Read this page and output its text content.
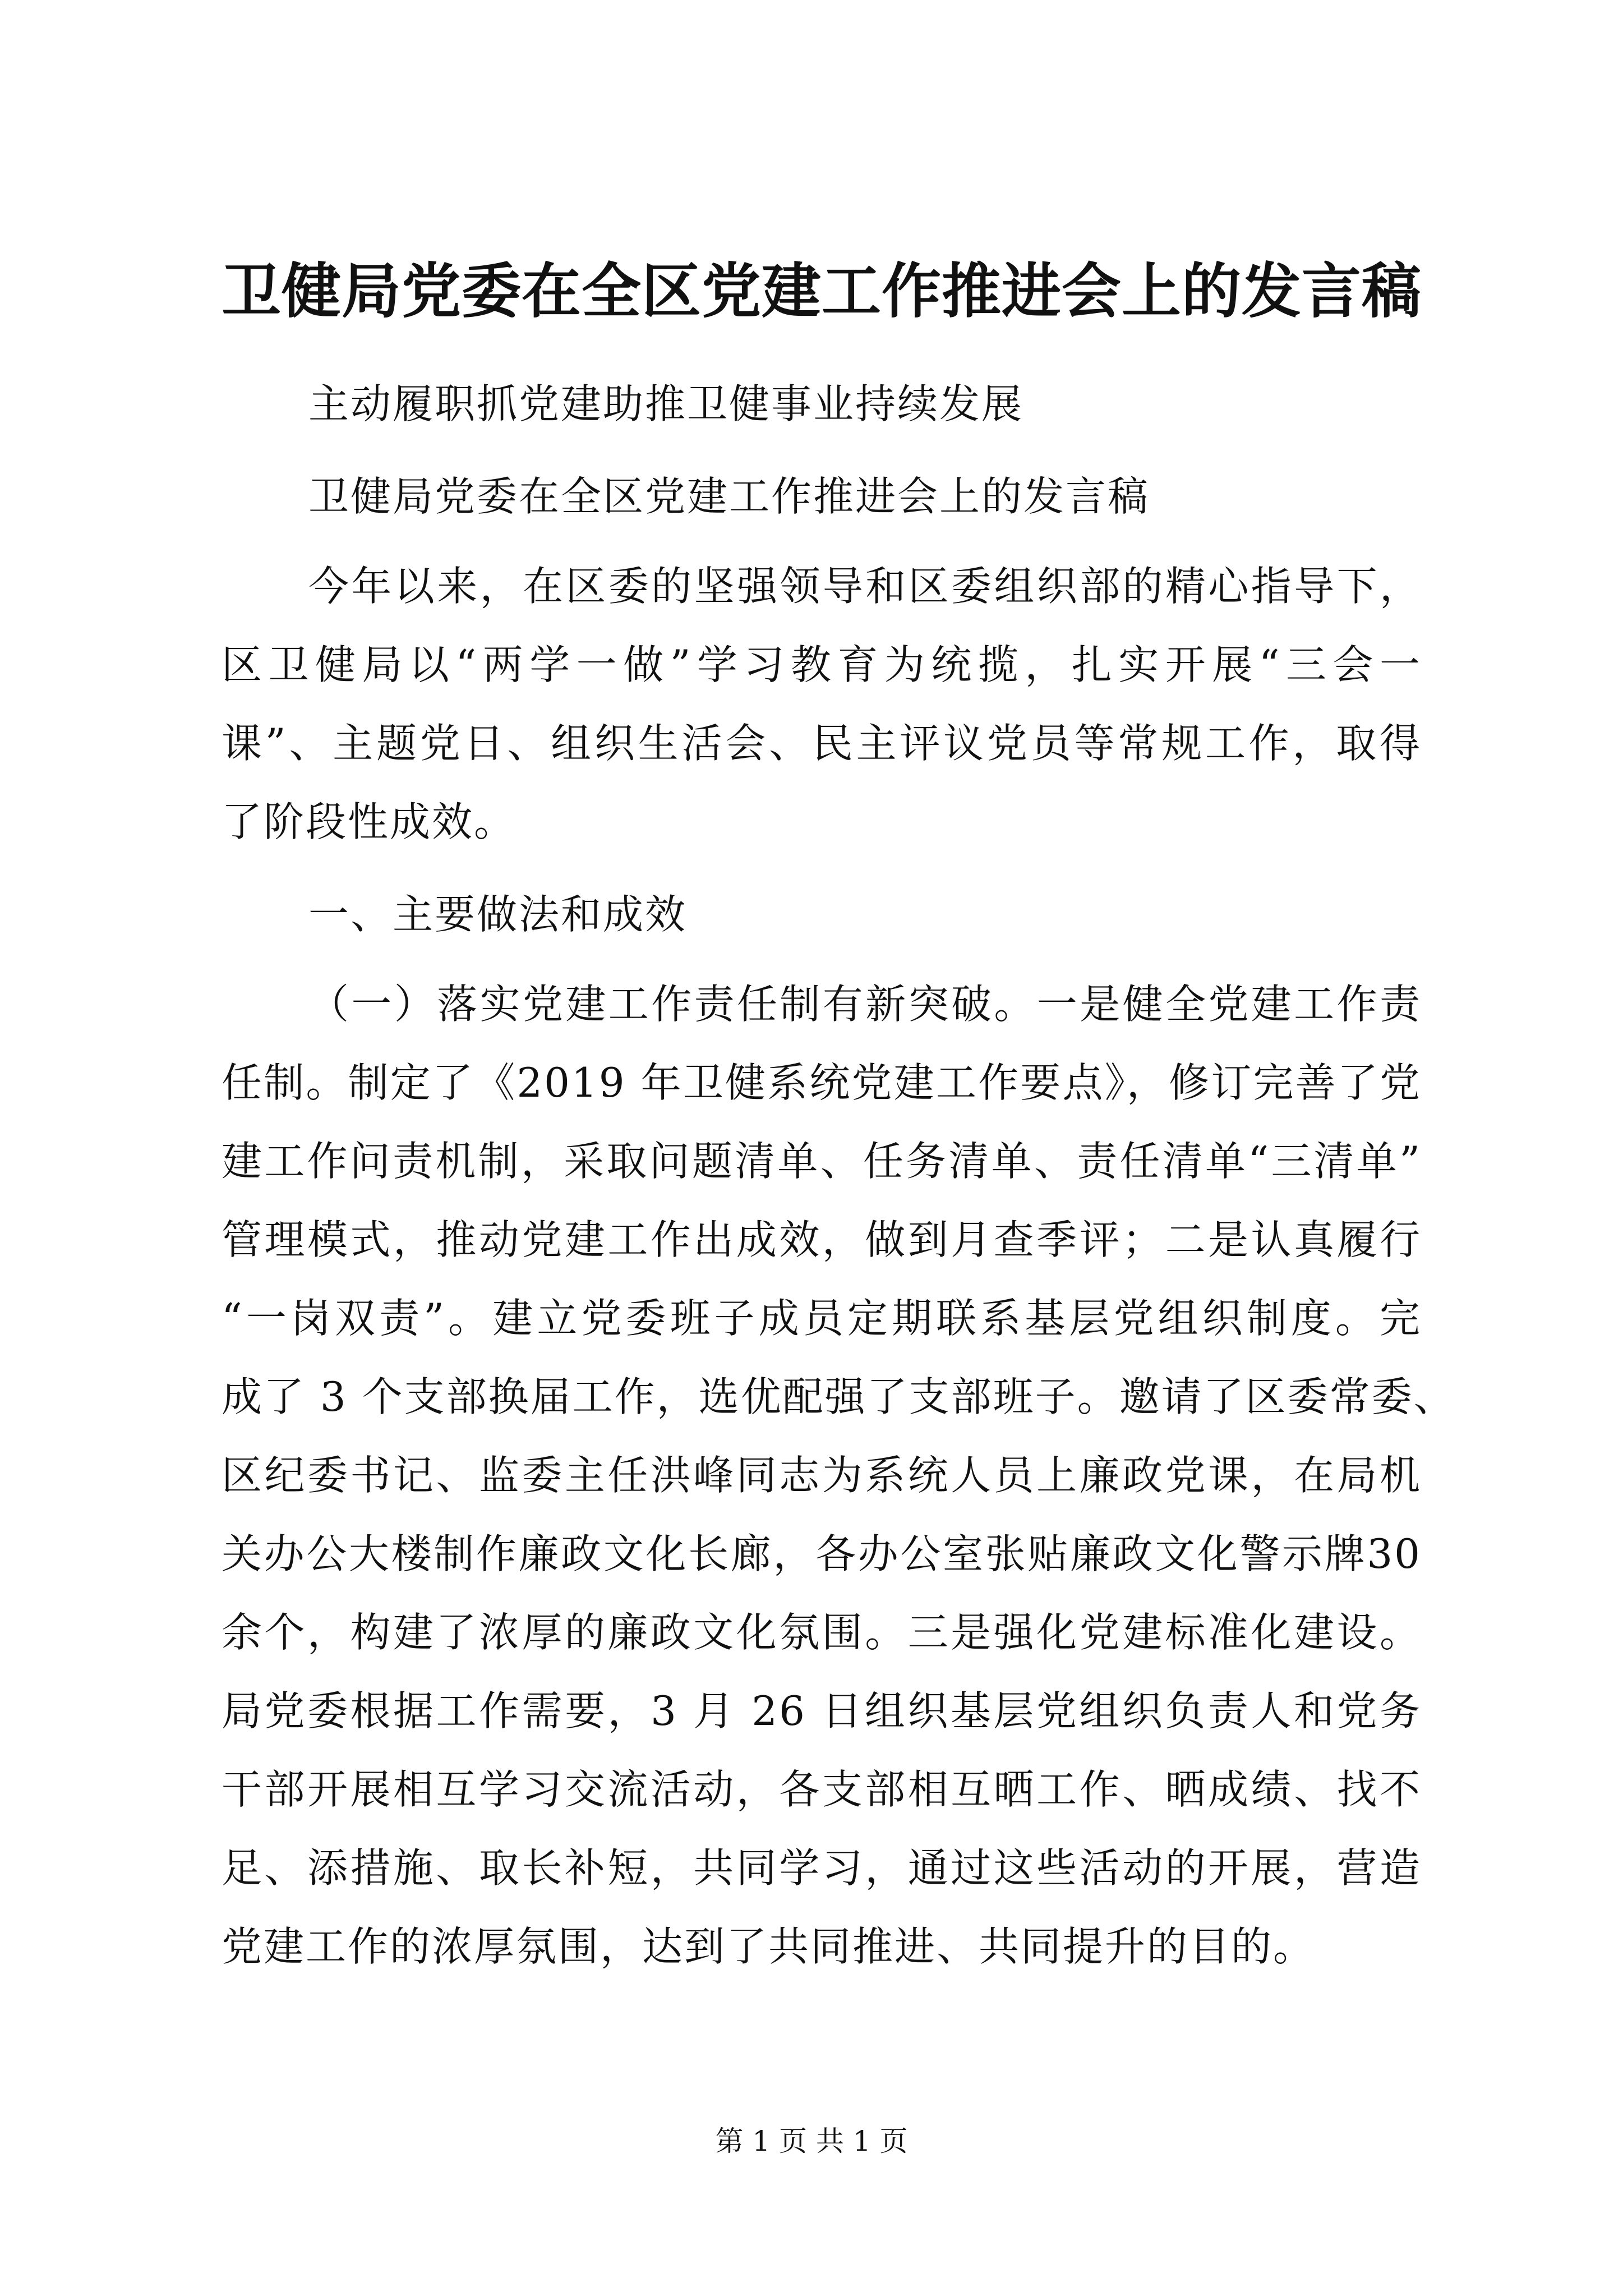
卫健局党委在全区党建工作推进会上的发言稿

主动履职抓党建助推卫健事业持续发展

卫健局党委在全区党建工作推进会上的发言稿

今年以来，在区委的坚强领导和区委组织部的精心指导下，

区卫健局以“两学一做”学习教育为统揽，扎实开展“三会一

课”、主题党日、组织生活会、民主评议党员等常规工作，取得

了阶段性成效。

一、主要做法和成效

（一）落实党建工作责任制有新突破。一是健全党建工作责

任制。制定了《2019 年卫健系统党建工作要点》，修订完善了党

建工作问责机制，采取问题清单、任务清单、责任清单“三清单”

管理模式，推动党建工作出成效，做到月查季评；二是认真履行

“一岗双责”。建立党委班子成员定期联系基层党组织制度。完

成了 3 个支部换届工作，选优配强了支部班子。邀请了区委常委、

区纪委书记、监委主任洪峰同志为系统人员上廉政党课，在局机

关办公大楼制作廉政文化长廊，各办公室张贴廉政文化警示牌30

余个，构建了浓厚的廉政文化氛围。三是强化党建标准化建设。

局党委根据工作需要，3 月 26 日组织基层党组织负责人和党务

干部开展相互学习交流活动，各支部相互晒工作、晒成绩、找不

足、添措施、取长补短，共同学习，通过这些活动的开展，营造

党建工作的浓厚氛围，达到了共同推进、共同提升的目的。

第 1 页 共 1 页
